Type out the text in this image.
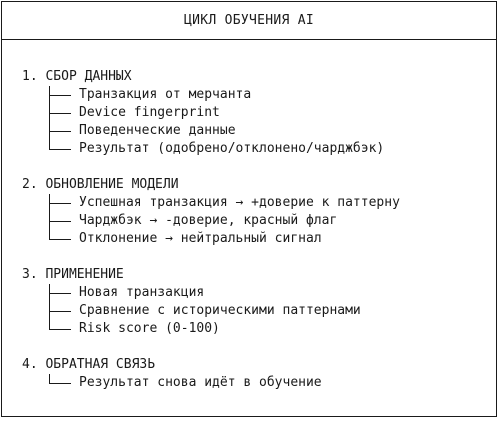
ЦИКЛ ОБУЧЕНИЯ AI
1. СБОР ДАННЫХ
Транзакция от мерчанта
Device fingerprint
Поведенческие данные
Результат (одобрено/отклонено/чарджбэк)
2. ОБНОВЛЕНИЕ МОДЕЛИ
Успешная транзакция → +доверие к паттерну
Чарджбэк → -доверие, красный флаг
Отклонение → нейтральный сигнал
3. ПРИМЕНЕНИЕ
Новая транзакция
Сравнение с историческими паттернами
Risk score (0-100)
4. ОБРАТНАЯ СВЯЗЬ
Результат снова идёт в обучение
